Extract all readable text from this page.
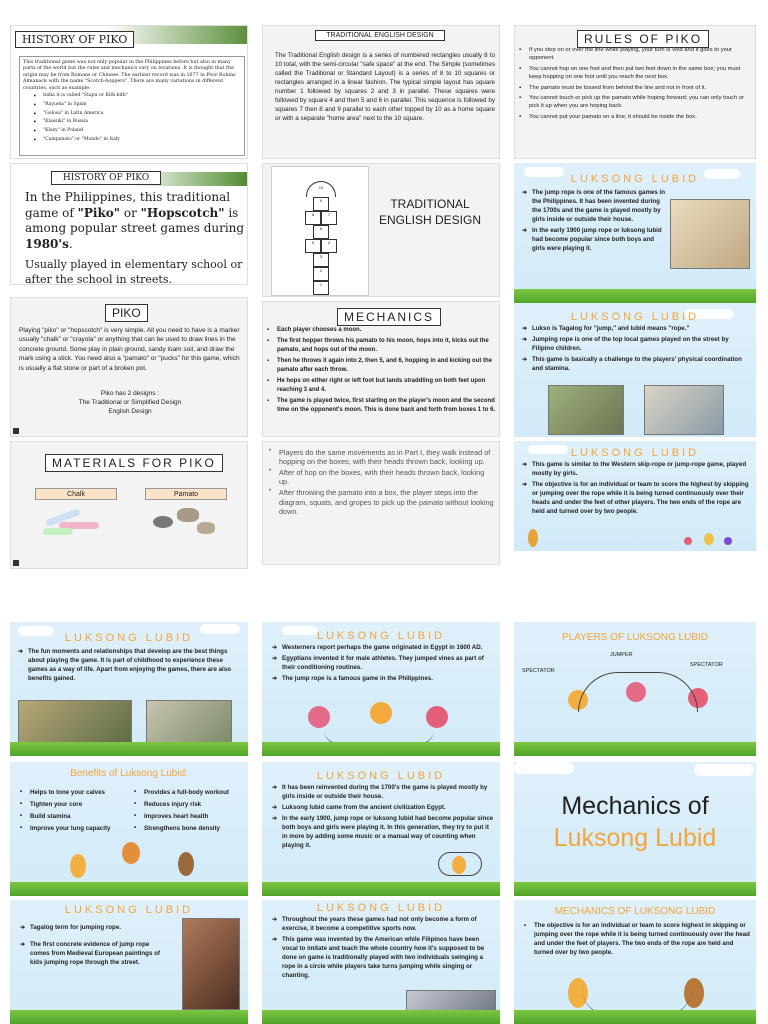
HISTORY OF PIKO

This traditional game was not only popular in the Philippines before but also in many parts of the world but the rules and mechanics vary on locations. It is thought that the origin may be from Romans or Chinese. The earliest record was in 1677 in Poor Robins Almanack with the name "Scotch-hoppers". There are many variations in different countries, such as example:

• India it is called "Stapu or Kith-kith"
• "Rayuela" in Spain
• "Golosa" in Latin America
• "Klassiki" in Russia
• "Klasy" in Poland
• "Campanato" or "Mondo" in Italy
TRADITIONAL ENGLISH DESIGN

The Traditional English design is a series of numbered rectangles usually 8 to 10 total, with the semi-circular "safe space" at the end. The Simple (sometimes called the Traditional or Standard Layout) is a series of 8 to 10 squares or rectangles arranged in a linear fashion. The typical simple layout has square number 1 followed by squares 2 and 3 in parallel. These squares were followed by square 4 and then 5 and 6 in parallel. This sequence is followed by squares 7 then 8 and 9 parallel to each other topped by 10 as a home square or with a separate "home area" next to the 10 square.

RULES OF PIKO
▪ If you step on or over the line while playing, your turn is void and it goes to your opponent.
▪ You cannot hop on one foot and then put two feet down in the same box; you must keep hopping on one foot until you reach the next box.
▪ The pamato must be tossed from behind the line and not in front of it.
▪ You cannot touch or pick up the pamato while hoping forward; you can only touch or pick it up when you are hoping back.
▪ You cannot put your pamato on a line; it should be inside the box.
HISTORY OF PIKO
In the Philippines, this traditional game of "Piko" or "Hopscotch" is among popular street games during 1980's.
Usually played in elementary school or after the school in streets.
10
9
8	7
6
5	4
3
2
1
TRADITIONAL ENGLISH DESIGN
LUKSONG LUBID
➔ The jump rope is one of the famous games in the Philippines. It has been invented during the 1700s and the game is played mostly by girls inside or outside their house.
➔ In the early 1900 jump rope or luksong lubid had become popular since both boys and girls were playing it.
PIKO

Playing "piko" or "hopscotch" is very simple. All you need to have is a marker usually "chalk" or "crayola" or anything that can be used to draw lines in the concrete ground. Some play in plain ground, sandy loam soil, and draw the mark using a stick. You need also a "pamato" or "pucks" for this game, which is usually a flat stone or part of a broken pot.

Piko has 2 designs :
The Traditional or Simplified Design
English Design
MECHANICS
▪ Each player chooses a moon.
▪ The first hopper throws his pamato to his moon, hops into it, kicks out the pamato, and hops out of the moon.
▪ Then he throws it again into 2, then 5, and 6, hopping in and kicking out the pamato after each throw.
▪ He hops on either right or left foot but lands straddling on both feet upon reaching 3 and 4.
▪ The game is played twice, first starting on the player's moon and the second time on the opponent's moon. This is done back and forth from boxes 1 to 6.
LUKSONG LUBID
➔ Lukso is Tagalog for "jump," and lubid means "rope."
➔ Jumping rope is one of the top local games played on the street by Filipino children.
➔ This game is basically a challenge to the players' physical coordination and stamina.
MATERIALS FOR PIKO
Chalk	Pamato
• Players do the same movements as in Part I, they walk instead of hopping on the boxes, with their heads thrown back, looking up.
• After of hop on the boxes, with their heads thrown back, looking up.
• After throwing the pamato into a box, the player steps into the diagram, squats, and gropes to pick up the pamato without looking down.
LUKSONG LUBID
➔ This game is similar to the Western skip-rope or jump-rope game, played mostly by girls.
➔ The objective is for an individual or team to score the highest by skipping or jumping over the rope while it is being turned continuously over their heads and under the feet of other players. The two ends of the rope are held and turned over by two people.
LUKSONG LUBID
➔ The fun moments and relationships that develop are the best things about playing the game. It is part of childhood to experience these games as a way of life. Apart from enjoying the games, there are also benefits gained.
LUKSONG LUBID
➔ Westerners report perhaps the game originated in Egypt in 1600 AD.
➔ Egyptians invented it for male athletes. They jumped vines as part of their conditioning routines.
➔ The jump rope is a famous game in the Philippines.
PLAYERS OF LUKSONG LUBID
JUMPER
SPECTATOR
SPECTATOR
Benefits of Luksong Lubid:
• Helps to tone your calves
• Tighten your core
• Build stamina
• Improve your lung capacity
• Provides a full-body workout
• Reduces injury risk
• Improves heart health
• Strengthens bone density
LUKSONG LUBID
➔ It has been reinvented during the 1700's the game is played mostly by girls inside or outside their house.
➔ Luksong lubid came from the ancient civilization Egypt.
➔ In the early 1900, jump rope or luksong lubid had become popular since both boys and girls were playing it. In this generation, they try to put it in more by adding some music or a manual way of counting when playing it.
Mechanics of
Luksong Lubid
LUKSONG LUBID
➔ Tagalog term for jumping rope.
➔ The first concrete evidence of jump rope comes from Medieval European paintings of kids jumping rope through the street.
LUKSONG LUBID
➔ Throughout the years these games had not only become a form of exercise, it become a competitive sports now.
➔ This game was invented by the American while Filipinos have been vocal to imitate and teach the whole country how it's supposed to be done on game is traditionally played with two individuals swinging a rope in a circle while players take turns jumping while singing or chanting.
MECHANICS OF LUKSONG LUBID
• The objective is for an individual or team to score highest in skipping or jumping over the rope while it is being turned continuously over the head and under the feet of players. The two ends of the rope are held and turned over by two people.
